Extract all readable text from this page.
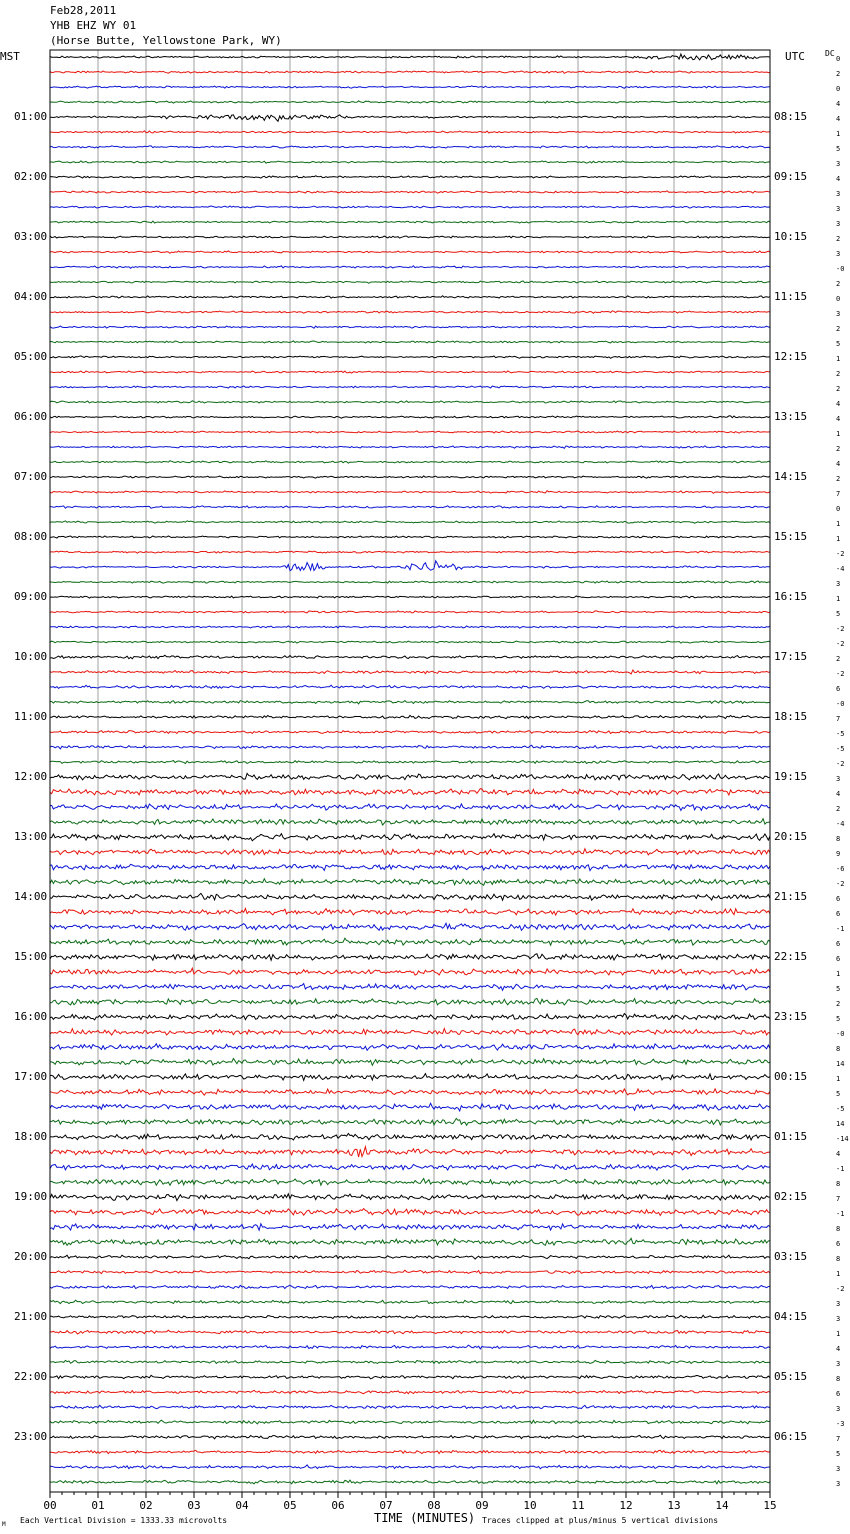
Feb28,2011
YHB EHZ WY 01
(Horse Butte, Yellowstone Park, WY)
00	01	02	03	04	05	06	07	08	09	10	11	12	13	14	15
MST	UTC	DC
TIME (MINUTES)
Each Vertical Division = 1333.33 microvolts	Traces clipped at plus/minus 5 vertical divisions
M
01:00
02:00
03:00
04:00
05:00
06:00
07:00
08:00
09:00
10:00
11:00
12:00
13:00
14:00
15:00
16:00
17:00
18:00
19:00
20:00
21:00
22:00
23:00
08:15
09:15
10:15
11:15
12:15
13:15
14:15
15:15
16:15
17:15
18:15
19:15
20:15
21:15
22:15
23:15
00:15
01:15
02:15
03:15
04:15
05:15
06:15
0
2
0
4
4
1
5
3
4
3
3
3
2
3
-0
2
0
3
2
5
1
2
2
4
4
1
2
4
2
7
0
1
1
-2
-4
3
1
5
-2
-2
2
-2
6
-0
7
-5
-5
-2
3
4
2
-4
8
9
-6
-2
6
6
-1
6
6
1
5
2
5
-0
8
14
1
5
-5
14
-14
4
-1
8
7
-1
8
6
8
1
-2
3
3
1
4
3
8
6
3
-3
7
5
3
3
